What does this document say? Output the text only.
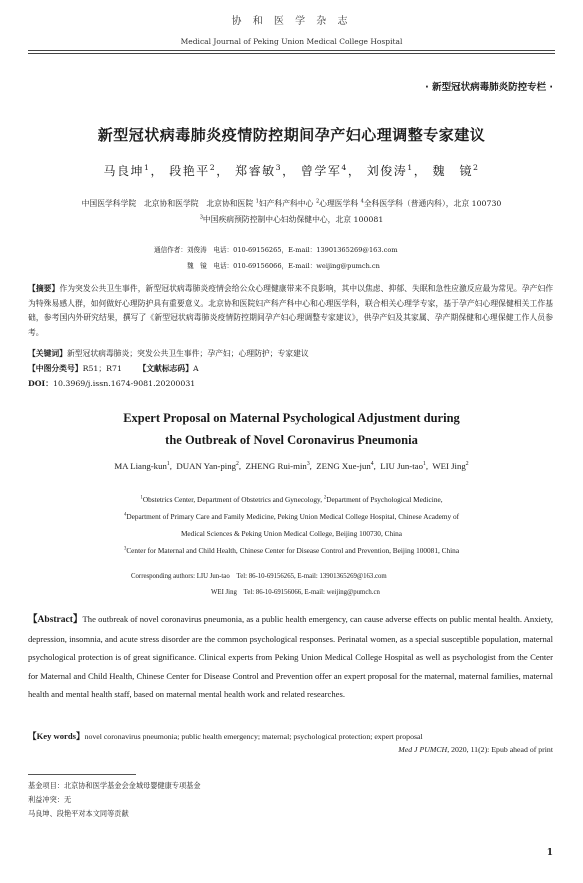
协 和 医 学 杂 志
Medical Journal of Peking Union Medical College Hospital
· 新型冠状病毒肺炎防控专栏 ·
新型冠状病毒肺炎疫情防控期间孕产妇心理调整专家建议
马良坤$^1$， 段艳平$^2$， 郑睿敏$^3$， 曾学军$^4$， 刘俊涛$^1$， 魏　镜$^2$
中国医学科学院　北京协和医学院　北京协和医院 $^1$妇产科产科中心 $^2$心理医学科 $^4$全科医学科（普通内科），北京 100730
$^3$中国疾病预防控制中心妇幼保健中心，北京 100081
通信作者：刘俊涛　电话：010-69156265，E-mail：13901365269@163.com
魏　镜　电话：010-69156066，E-mail：weijing@pumch.cn
【摘要】作为突发公共卫生事件，新型冠状病毒肺炎疫情会给公众心理健康带来不良影响，其中以焦虑、抑郁、失眠和急性应激反应最为常见。孕产妇作为特殊易感人群，如何做好心理防护具有重要意义。北京协和医院妇产科产科中心和心理医学科，联合相关心理学专家，基于孕产妇心理保健相关工作基础，参考国内外研究结果，撰写了《新型冠状病毒肺炎疫情防控期间孕产妇心理调整专家建议》，供孕产妇及其家属、孕产期保健和心理保健工作人员参考。
【关键词】新型冠状病毒肺炎；突发公共卫生事件；孕产妇；心理防护；专家建议
【中图分类号】R51；R71 【文献标志码】A
DOI：10.3969/j.issn.1674-9081.20200031
Expert Proposal on Maternal Psychological Adjustment during
the Outbreak of Novel Coronavirus Pneumonia
MA Liang-kun$^1$,  DUAN Yan-ping$^2$,  ZHENG Rui-$\min^3$,  ZENG Xue-jun$^4$,  LIU Jun-tao$^1$,  WEI Jing$^2$
$^1$Obstetrics Center, Department of Obstetrics and Gynecology, $^2$Department of Psychological Medicine,
$^4$Department of Primary Care and Family Medicine, Peking Union Medical College Hospital, Chinese Academy of
Medical Sciences & Peking Union Medical College, Beijing 100730, China
$^3$Center for Maternal and Child Health, Chinese Center for Disease Control and Prevention, Beijing 100081, China
Corresponding authors: LIU Jun-tao　Tel: 86-10-69156265, E-mail: 13901365269@163.com
WEI Jing　Tel: 86-10-69156066, E-mail: weijing@pumch.cn
【Abstract】The outbreak of novel coronavirus pneumonia, as a public health emergency, can cause adverse effects on public mental health. Anxiety, depression, insomnia, and acute stress disorder are the common psychological responses. Perinatal women, as a special susceptible population, maternal psychological protection is of great significance. Clinical experts from Peking Union Medical College Hospital as well as psychologist from the Center for Maternal and Child Health, Chinese Center for Disease Control and Prevention offer an expert proposal for the maternal, maternal families, maternal health and mental health staff, based on maternal mental health work and related researches.
【Key words】novel coronavirus pneumonia; public health emergency; maternal; psychological protection; expert proposal
Med J PUMCH, 2020, 11(2): Epub ahead of print
基金项目：北京协和医学基金会金城母婴健康专项基金
利益冲突：无
马良坤、段艳平对本文同等贡献
1
